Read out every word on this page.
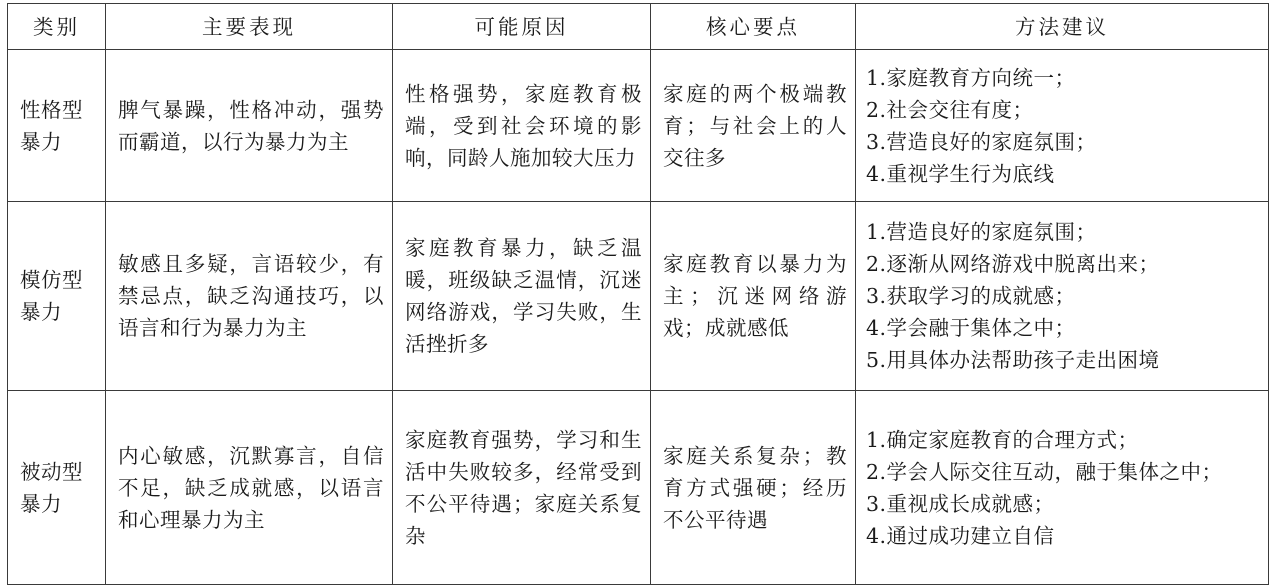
类别	主要表现	可能原因	核心要点	方法建议
性格型暴力	脾气暴躁，性格冲动，强势而霸道，以行为暴力为主	性格强势，家庭教育极端，受到社会环境的影响，同龄人施加较大压力	家庭的两个极端教育；与社会上的人交往多	1.家庭教育方向统一；
2.社会交往有度；
3.营造良好的家庭氛围；
4.重视学生行为底线

模仿型暴力	敏感且多疑，言语较少，有禁忌点，缺乏沟通技巧，以语言和行为暴力为主	家庭教育暴力，缺乏温暖，班级缺乏温情，沉迷网络游戏，学习失败，生活挫折多	家庭教育以暴力为主；沉迷网络游戏；成就感低	1.营造良好的家庭氛围；
2.逐渐从网络游戏中脱离出来；
3.获取学习的成就感；
4.学会融于集体之中；
5.用具体办法帮助孩子走出困境

被动型暴力	内心敏感，沉默寡言，自信不足，缺乏成就感，以语言和心理暴力为主	家庭教育强势，学习和生活中失败较多，经常受到不公平待遇；家庭关系复杂	家庭关系复杂；教育方式强硬；经历不公平待遇	1.确定家庭教育的合理方式；
2.学会人际交往互动，融于集体之中；
3.重视成长成就感；
4.通过成功建立自信
